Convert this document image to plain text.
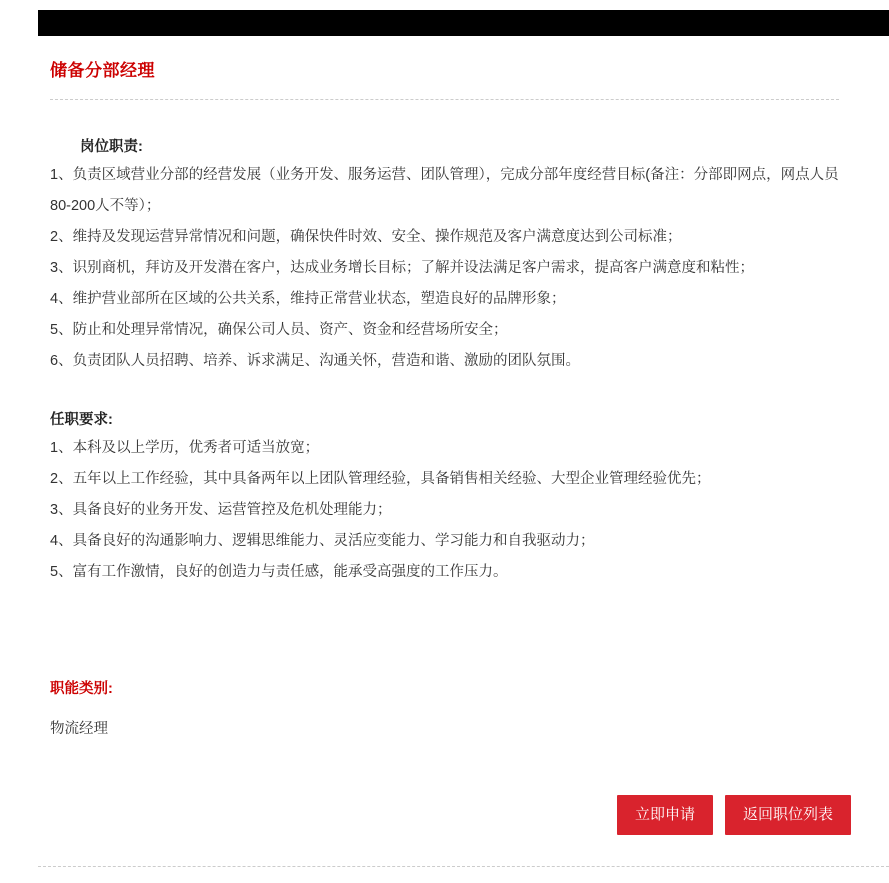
储备分部经理
岗位职责:
1、负责区域营业分部的经营发展（业务开发、服务运营、团队管理），完成分部年度经营目标(备注：分部即网点，网点人员80-200人不等）；
2、维持及发现运营异常情况和问题，确保快件时效、安全、操作规范及客户满意度达到公司标准；
3、识别商机，拜访及开发潜在客户，达成业务增长目标；了解并设法满足客户需求，提高客户满意度和粘性；
4、维护营业部所在区域的公共关系，维持正常营业状态，塑造良好的品牌形象；
5、防止和处理异常情况，确保公司人员、资产、资金和经营场所安全；
6、负责团队人员招聘、培养、诉求满足、沟通关怀，营造和谐、激励的团队氛围。
任职要求:
1、本科及以上学历，优秀者可适当放宽；
2、五年以上工作经验，其中具备两年以上团队管理经验，具备销售相关经验、大型企业管理经验优先；
3、具备良好的业务开发、运营管控及危机处理能力；
4、具备良好的沟通影响力、逻辑思维能力、灵活应变能力、学习能力和自我驱动力；
5、富有工作激情，良好的创造力与责任感，能承受高强度的工作压力。
职能类别:
物流经理
立即申请	返回职位列表
